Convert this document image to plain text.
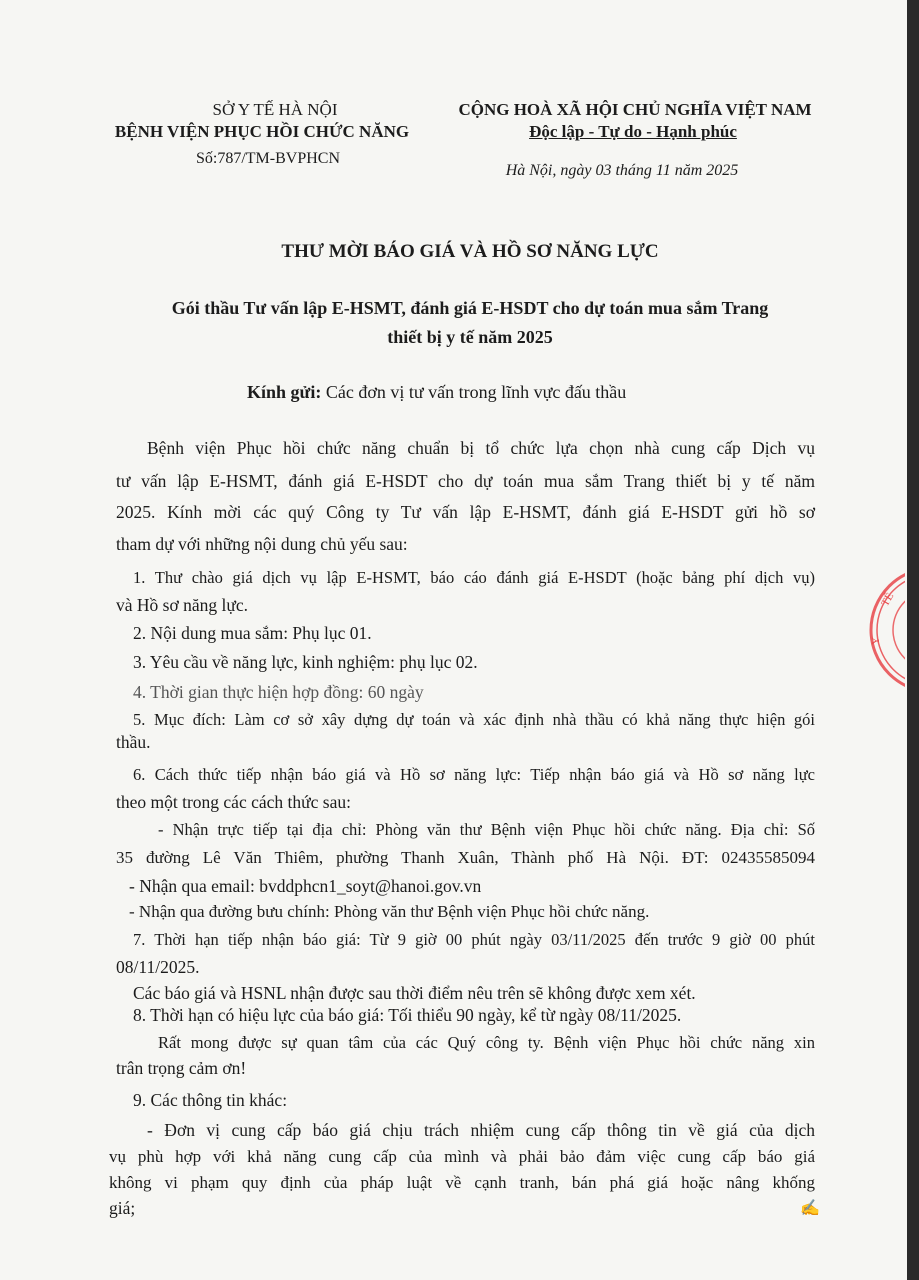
SỞ Y TẾ HÀ NỘI
BỆNH VIỆN PHỤC HỒI CHỨC NĂNG
Số:787/TM-BVPHCN
CỘNG HOÀ XÃ HỘI CHỦ NGHĨA VIỆT NAM
Độc lập - Tự do - Hạnh phúc
Hà Nội, ngày 03 tháng 11 năm 2025
THƯ MỜI BÁO GIÁ VÀ HỒ SƠ NĂNG LỰC
Gói thầu Tư vấn lập E-HSMT, đánh giá E-HSDT cho dự toán mua sắm Trang
thiết bị y tế năm 2025
Kính gửi: Các đơn vị tư vấn trong lĩnh vực đấu thầu
Bệnh viện Phục hồi chức năng chuẩn bị tổ chức lựa chọn nhà cung cấp Dịch vụ
tư vấn lập E-HSMT, đánh giá E-HSDT cho dự toán mua sắm Trang thiết bị y tế năm
2025. Kính mời các quý Công ty Tư vấn lập E-HSMT, đánh giá E-HSDT gửi hồ sơ
tham dự với những nội dung chủ yếu sau:
1. Thư chào giá dịch vụ lập E-HSMT, báo cáo đánh giá E-HSDT (hoặc bảng phí dịch vụ)
và Hồ sơ năng lực.
2. Nội dung mua sắm: Phụ lục 01.
3. Yêu cầu về năng lực, kinh nghiệm: phụ lục 02.
4. Thời gian thực hiện hợp đồng: 60 ngày
5. Mục đích: Làm cơ sở xây dựng dự toán và xác định nhà thầu có khả năng thực hiện gói
thầu.
6. Cách thức tiếp nhận báo giá và Hồ sơ năng lực: Tiếp nhận báo giá và Hồ sơ năng lực
theo một trong các cách thức sau:
- Nhận trực tiếp tại địa chỉ: Phòng văn thư Bệnh viện Phục hồi chức năng. Địa chỉ: Số
35 đường Lê Văn Thiêm, phường Thanh Xuân, Thành phố Hà Nội. ĐT: 02435585094
- Nhận qua email: bvddphcn1_soyt@hanoi.gov.vn
- Nhận qua đường bưu chính: Phòng văn thư Bệnh viện Phục hồi chức năng.
7. Thời hạn tiếp nhận báo giá: Từ 9 giờ 00 phút ngày 03/11/2025 đến trước 9 giờ 00 phút
08/11/2025.
Các báo giá và HSNL nhận được sau thời điểm nêu trên sẽ không được xem xét.
8. Thời hạn có hiệu lực của báo giá: Tối thiểu 90 ngày, kể từ ngày 08/11/2025.
Rất mong được sự quan tâm của các Quý công ty. Bệnh viện Phục hồi chức năng xin
trân trọng cảm ơn!
9. Các thông tin khác:
- Đơn vị cung cấp báo giá chịu trách nhiệm cung cấp thông tin về giá của dịch
vụ phù hợp với khả năng cung cấp của mình và phải bảo đảm việc cung cấp báo giá
không vi phạm quy định của pháp luật về cạnh tranh, bán phá giá hoặc nâng khống
giá;
TẾ
Y
✍
